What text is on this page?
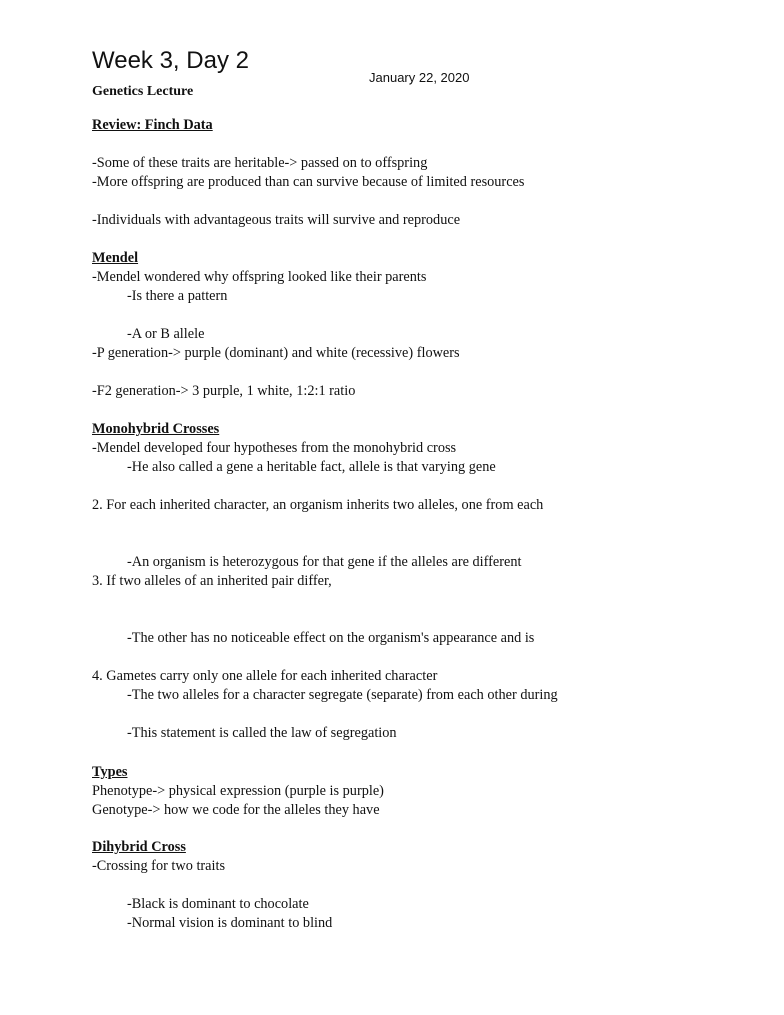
Week 3, Day 2
January 22, 2020
Genetics Lecture
Review: Finch Data
-Some of these traits are heritable-> passed on to offspring
-More offspring are produced than can survive because of limited resources
-Individuals with advantageous traits will survive and reproduce
Mendel
-Mendel wondered why offspring looked like their parents
-Is there a pattern
-A or B allele
-P generation-> purple (dominant) and white (recessive) flowers
-F2 generation-> 3 purple, 1 white, 1:2:1 ratio
Monohybrid Crosses
-Mendel developed four hypotheses from the monohybrid cross
-He also called a gene a heritable fact, allele is that varying gene
2. For each inherited character, an organism inherits two alleles, one from each
-An organism is heterozygous for that gene if the alleles are different
3. If two alleles of an inherited pair differ,
-The other has no noticeable effect on the organism's appearance and is
4. Gametes carry only one allele for each inherited character
-The two alleles for a character segregate (separate) from each other during
-This statement is called the law of segregation
Types
Phenotype-> physical expression (purple is purple)
Genotype-> how we code for the alleles they have
Dihybrid Cross
-Crossing for two traits
-Black is dominant to chocolate
-Normal vision is dominant to blind
